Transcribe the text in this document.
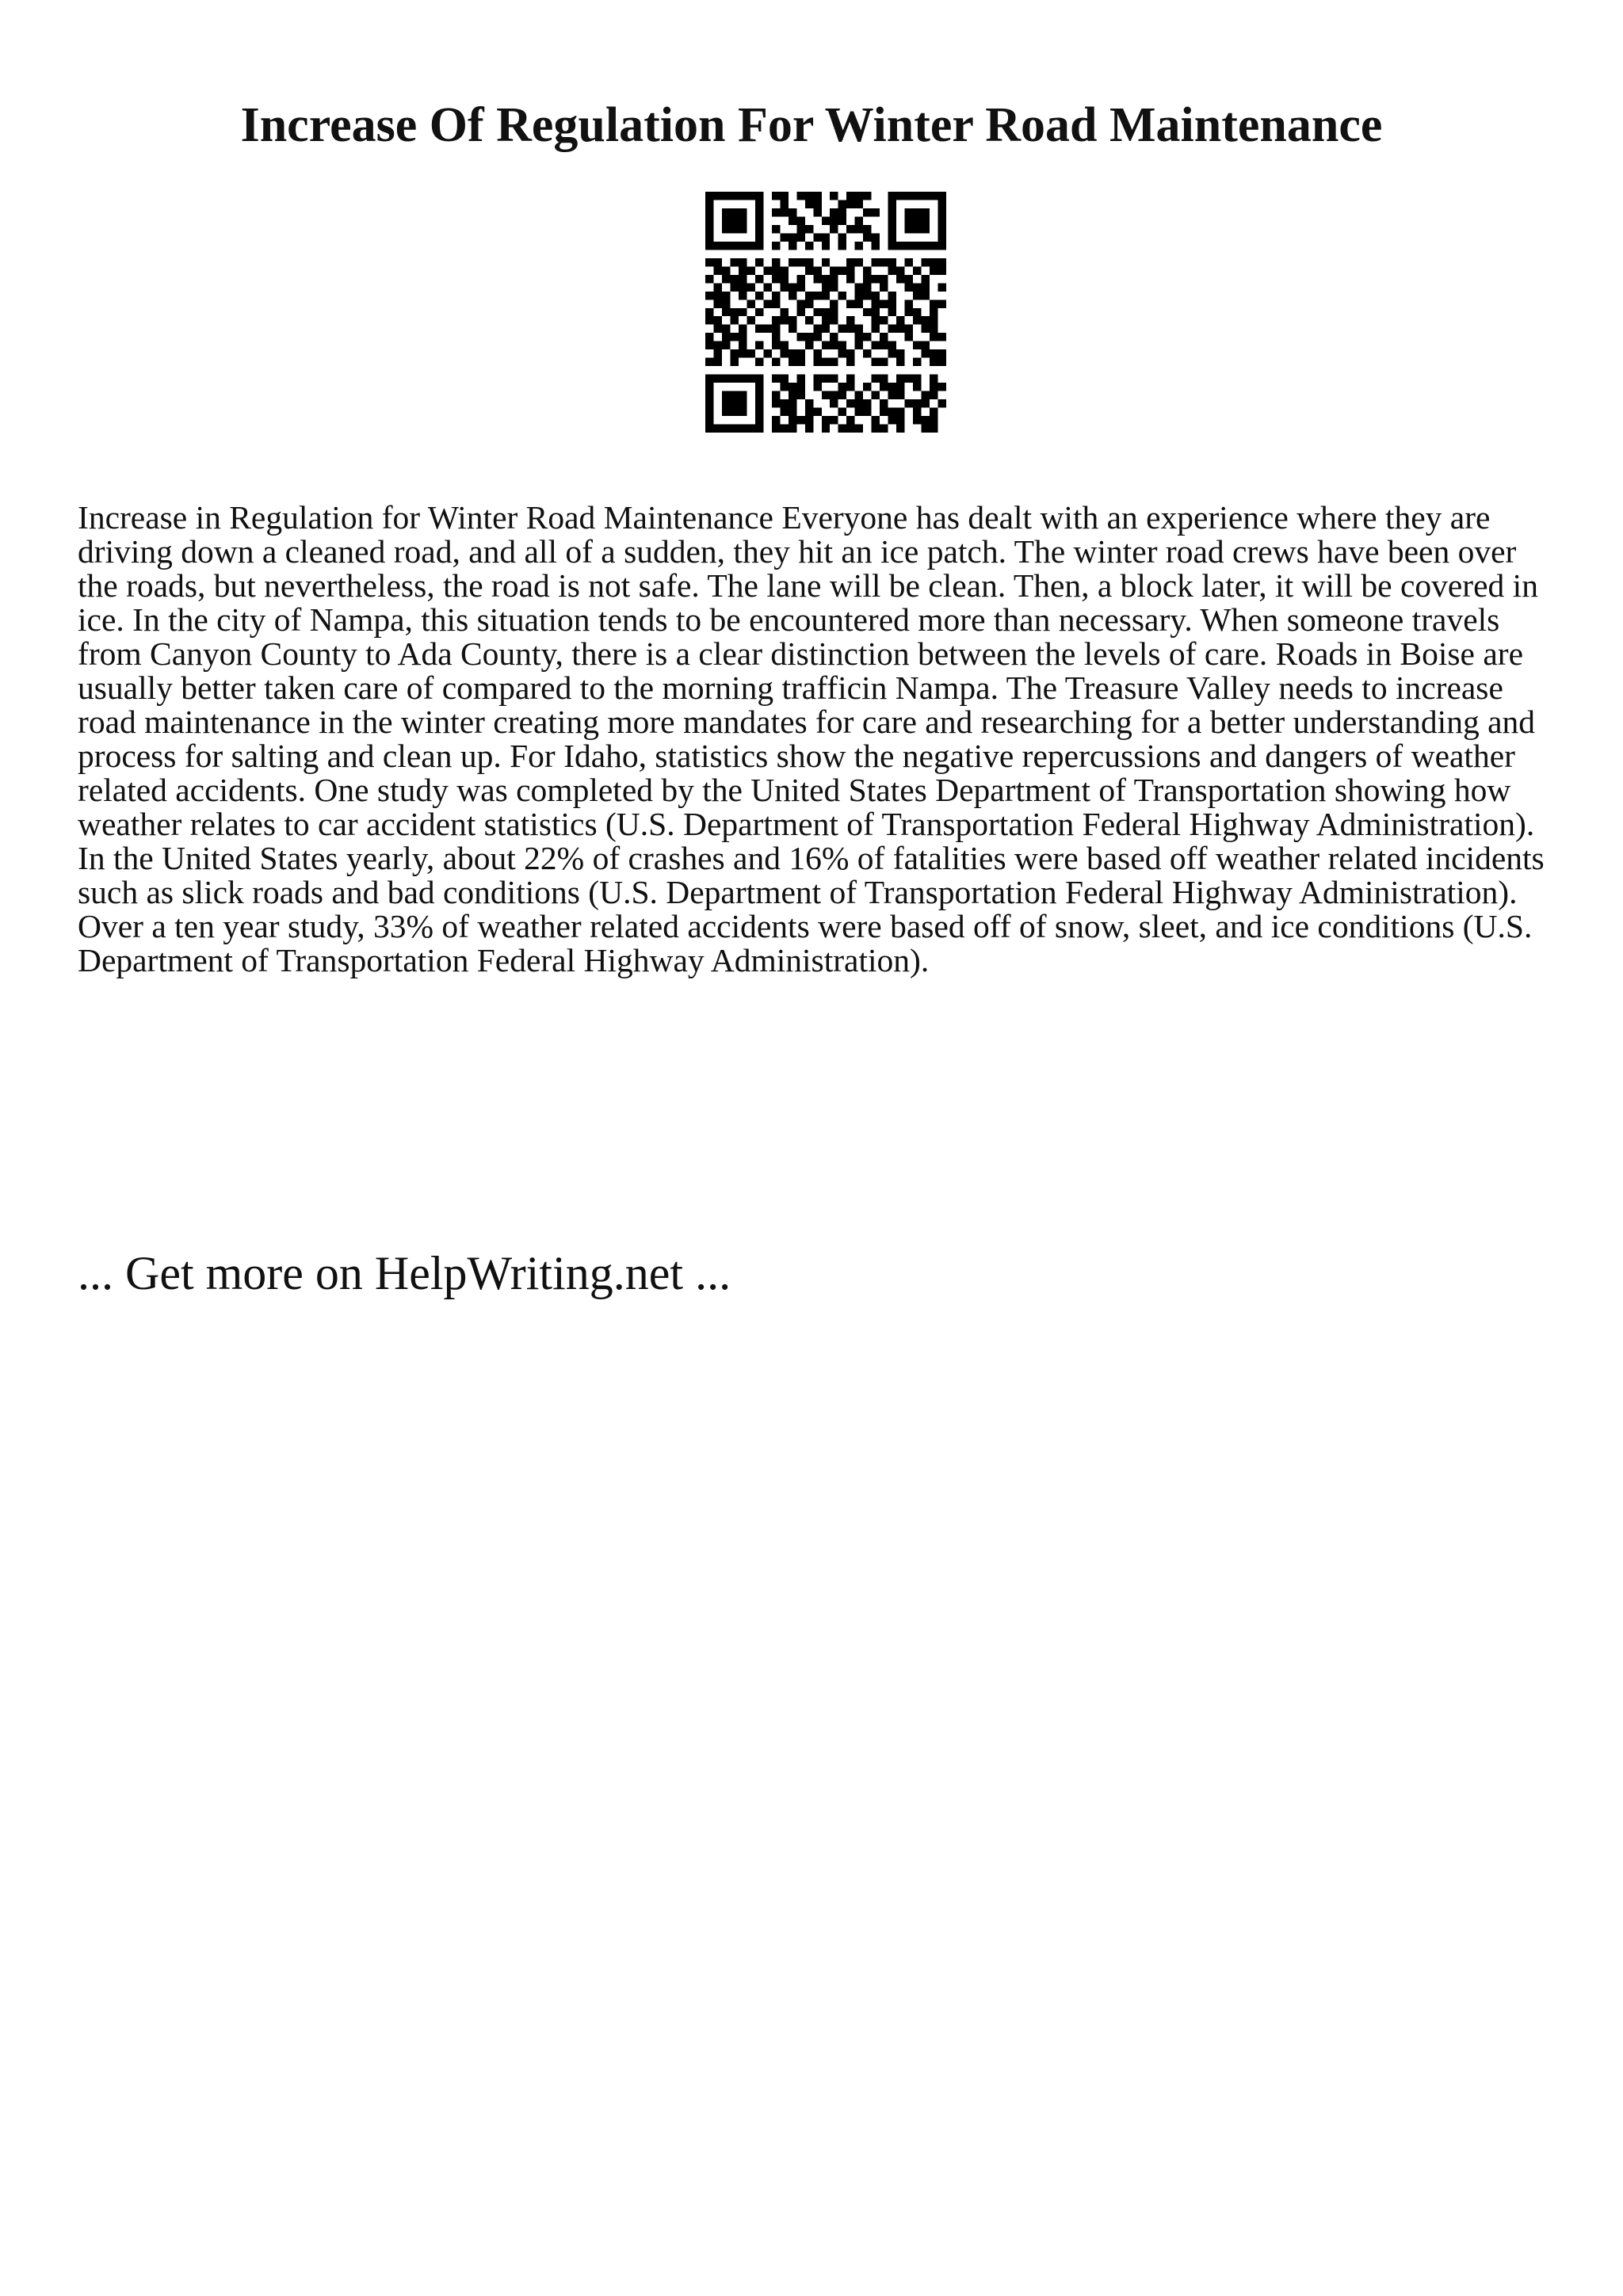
Increase Of Regulation For Winter Road Maintenance

Increase in Regulation for Winter Road Maintenance Everyone has dealt with an experience where they are driving down a cleaned road, and all of a sudden, they hit an ice patch. The winter road crews have been over the roads, but nevertheless, the road is not safe. The lane will be clean. Then, a block later, it will be covered in ice. In the city of Nampa, this situation tends to be encountered more than necessary. When someone travels from Canyon County to Ada County, there is a clear distinction between the levels of care. Roads in Boise are usually better taken care of compared to the morning trafficin Nampa. The Treasure Valley needs to increase road maintenance in the winter creating more mandates for care and researching for a better understanding and process for salting and clean up. For Idaho, statistics show the negative repercussions and dangers of weather related accidents. One study was completed by the United States Department of Transportation showing how weather relates to car accident statistics (U.S. Department of Transportation Federal Highway Administration). In the United States yearly, about 22% of crashes and 16% of fatalities were based off weather related incidents such as slick roads and bad conditions (U.S. Department of Transportation Federal Highway Administration). Over a ten year study, 33% of weather related accidents were based off of snow, sleet, and ice conditions (U.S. Department of Transportation Federal Highway Administration).

... Get more on HelpWriting.net ...
